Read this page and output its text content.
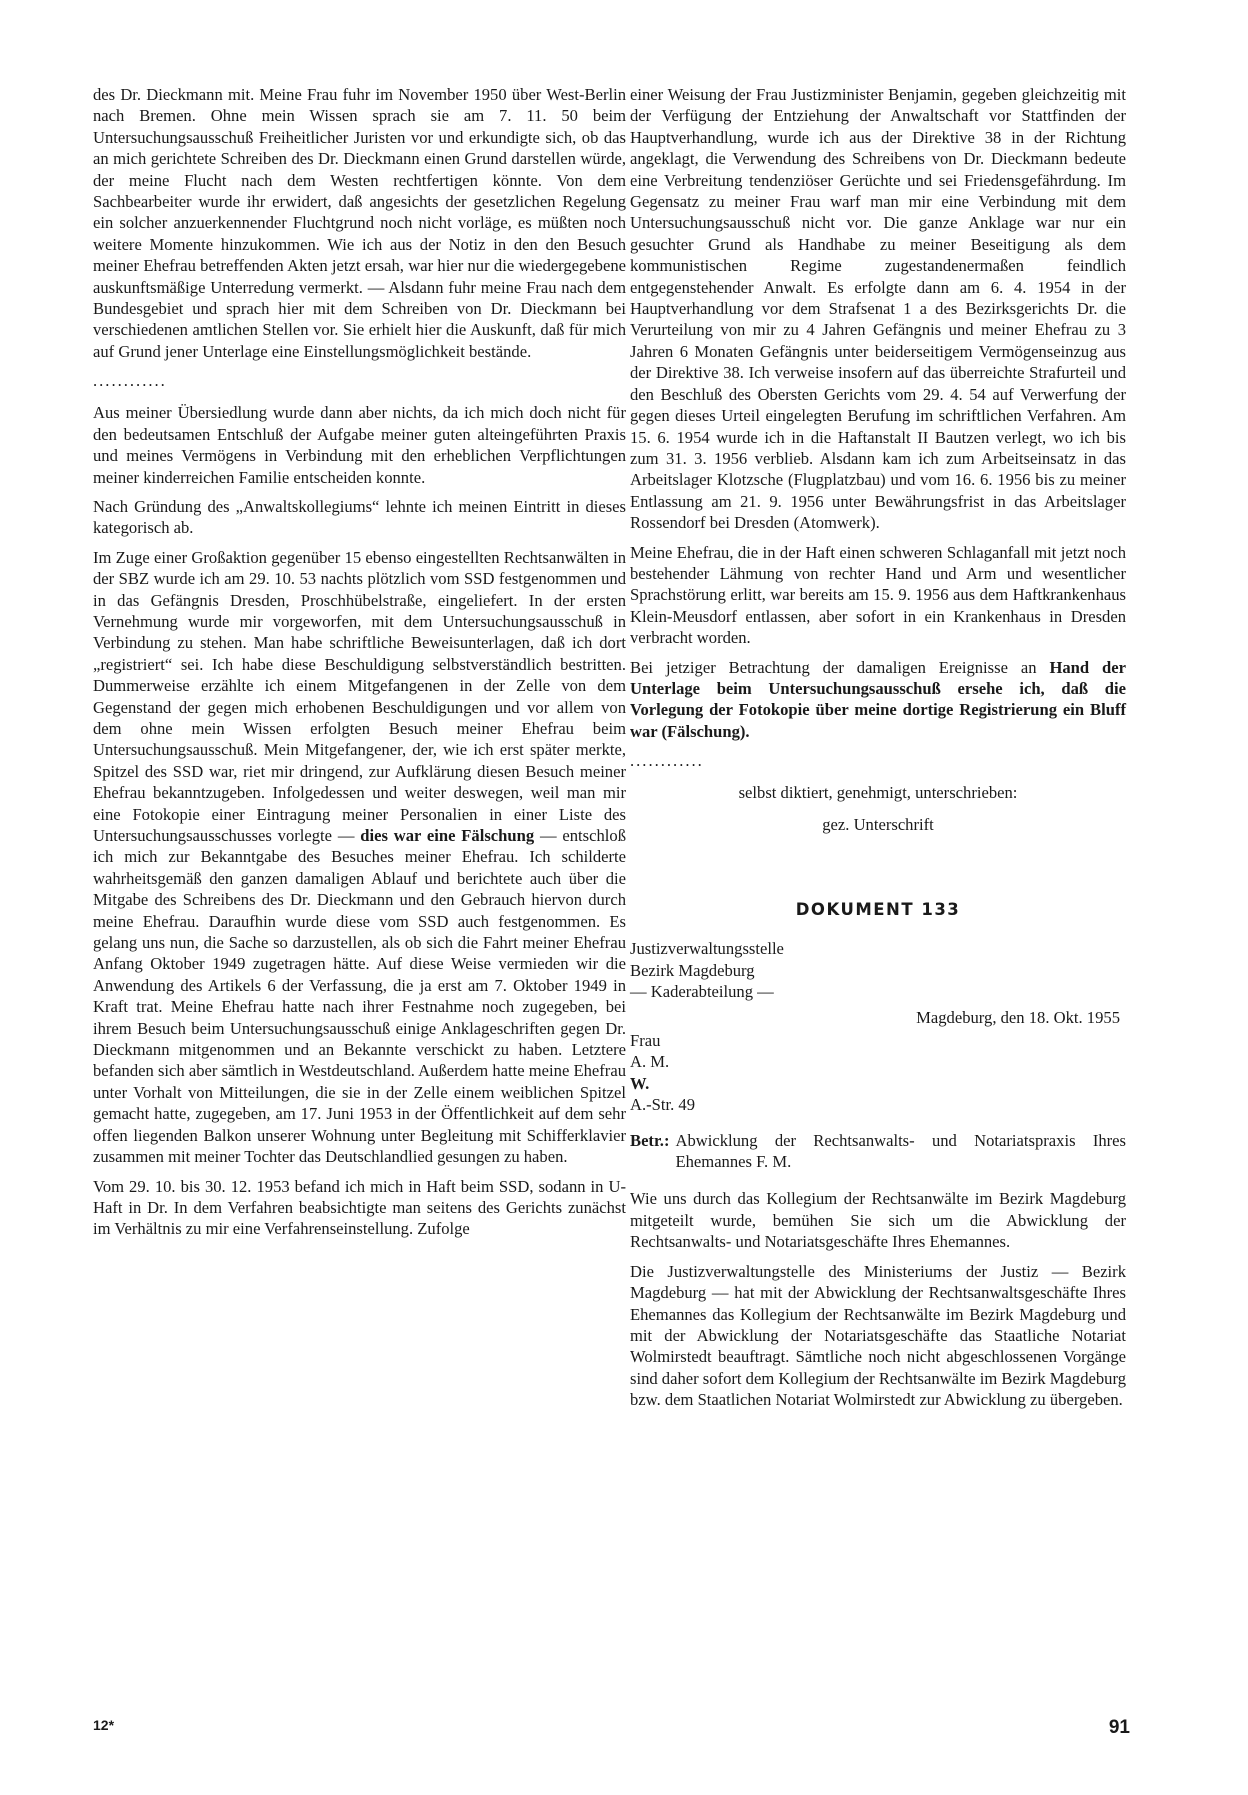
des Dr. Dieckmann mit. Meine Frau fuhr im November 1950 über West-Berlin nach Bremen. Ohne mein Wissen sprach sie am 7. 11. 50 beim Untersuchungsausschuß Freiheitlicher Juristen vor und erkundigte sich, ob das an mich gerichtete Schreiben des Dr. Dieckmann einen Grund darstellen würde, der meine Flucht nach dem Westen rechtfertigen könnte. Von dem Sachbearbeiter wurde ihr erwidert, daß angesichts der gesetzlichen Regelung ein solcher anzuerkennender Fluchtgrund noch nicht vorläge, es müßten noch weitere Momente hinzukommen. Wie ich aus der Notiz in den den Besuch meiner Ehefrau betreffenden Akten jetzt ersah, war hier nur die wiedergegebene auskunftsmäßige Unterredung vermerkt. — Alsdann fuhr meine Frau nach dem Bundesgebiet und sprach hier mit dem Schreiben von Dr. Dieckmann bei verschiedenen amtlichen Stellen vor. Sie erhielt hier die Auskunft, daß für mich auf Grund jener Unterlage eine Einstellungsmöglichkeit bestände.

............

Aus meiner Übersiedlung wurde dann aber nichts, da ich mich doch nicht für den bedeutsamen Entschluß der Aufgabe meiner guten alteingeführten Praxis und meines Vermögens in Verbindung mit den erheblichen Verpflichtungen meiner kinderreichen Familie entscheiden konnte.

Nach Gründung des „Anwaltskollegiums“ lehnte ich meinen Eintritt in dieses kategorisch ab.

Im Zuge einer Großaktion gegenüber 15 ebenso eingestellten Rechtsanwälten in der SBZ wurde ich am 29. 10. 53 nachts plötzlich vom SSD festgenommen und in das Gefängnis Dresden, Proschhübelstraße, eingeliefert. In der ersten Vernehmung wurde mir vorgeworfen, mit dem Untersuchungsausschuß in Verbindung zu stehen. Man habe schriftliche Beweisunterlagen, daß ich dort „registriert“ sei. Ich habe diese Beschuldigung selbstverständlich bestritten. Dummerweise erzählte ich einem Mitgefangenen in der Zelle von dem Gegenstand der gegen mich erhobenen Beschuldigungen und vor allem von dem ohne mein Wissen erfolgten Besuch meiner Ehefrau beim Untersuchungsausschuß. Mein Mitgefangener, der, wie ich erst später merkte, Spitzel des SSD war, riet mir dringend, zur Aufklärung diesen Besuch meiner Ehefrau bekanntzugeben. Infolgedessen und weiter deswegen, weil man mir eine Fotokopie einer Eintragung meiner Personalien in einer Liste des Untersuchungsausschusses vorlegte — dies war eine Fälschung — entschloß ich mich zur Bekanntgabe des Besuches meiner Ehefrau. Ich schilderte wahrheitsgemäß den ganzen damaligen Ablauf und berichtete auch über die Mitgabe des Schreibens des Dr. Dieckmann und den Gebrauch hiervon durch meine Ehefrau. Daraufhin wurde diese vom SSD auch festgenommen. Es gelang uns nun, die Sache so darzustellen, als ob sich die Fahrt meiner Ehefrau Anfang Oktober 1949 zugetragen hätte. Auf diese Weise vermieden wir die Anwendung des Artikels 6 der Verfassung, die ja erst am 7. Oktober 1949 in Kraft trat. Meine Ehefrau hatte nach ihrer Festnahme noch zugegeben, bei ihrem Besuch beim Untersuchungsausschuß einige Anklageschriften gegen Dr. Dieckmann mitgenommen und an Bekannte verschickt zu haben. Letztere befanden sich aber sämtlich in Westdeutschland. Außerdem hatte meine Ehefrau unter Vorhalt von Mitteilungen, die sie in der Zelle einem weiblichen Spitzel gemacht hatte, zugegeben, am 17. Juni 1953 in der Öffentlichkeit auf dem sehr offen liegenden Balkon unserer Wohnung unter Begleitung mit Schifferklavier zusammen mit meiner Tochter das Deutschlandlied gesungen zu haben.

Vom 29. 10. bis 30. 12. 1953 befand ich mich in Haft beim SSD, sodann in U-Haft in Dr. In dem Verfahren beabsichtigte man seitens des Gerichts zunächst im Verhältnis zu mir eine Verfahrenseinstellung. Zufolge

einer Weisung der Frau Justizminister Benjamin, gegeben gleichzeitig mit der Verfügung der Entziehung der Anwaltschaft vor Stattfinden der Hauptverhandlung, wurde ich aus der Direktive 38 in der Richtung angeklagt, die Verwendung des Schreibens von Dr. Dieckmann bedeute eine Verbreitung tendenziöser Gerüchte und sei Friedensgefährdung. Im Gegensatz zu meiner Frau warf man mir eine Verbindung mit dem Untersuchungsausschuß nicht vor. Die ganze Anklage war nur ein gesuchter Grund als Handhabe zu meiner Beseitigung als dem kommunistischen Regime zugestandenermaßen feindlich entgegenstehender Anwalt. Es erfolgte dann am 6. 4. 1954 in der Hauptverhandlung vor dem Strafsenat 1 a des Bezirksgerichts Dr. die Verurteilung von mir zu 4 Jahren Gefängnis und meiner Ehefrau zu 3 Jahren 6 Monaten Gefängnis unter beiderseitigem Vermögenseinzug aus der Direktive 38. Ich verweise insofern auf das überreichte Strafurteil und den Beschluß des Obersten Gerichts vom 29. 4. 54 auf Verwerfung der gegen dieses Urteil eingelegten Berufung im schriftlichen Verfahren. Am 15. 6. 1954 wurde ich in die Haftanstalt II Bautzen verlegt, wo ich bis zum 31. 3. 1956 verblieb. Alsdann kam ich zum Arbeitseinsatz in das Arbeitslager Klotzsche (Flugplatzbau) und vom 16. 6. 1956 bis zu meiner Entlassung am 21. 9. 1956 unter Bewährungsfrist in das Arbeitslager Rossendorf bei Dresden (Atomwerk).

Meine Ehefrau, die in der Haft einen schweren Schlaganfall mit jetzt noch bestehender Lähmung von rechter Hand und Arm und wesentlicher Sprachstörung erlitt, war bereits am 15. 9. 1956 aus dem Haftkrankenhaus Klein-Meusdorf entlassen, aber sofort in ein Krankenhaus in Dresden verbracht worden.

Bei jetziger Betrachtung der damaligen Ereignisse an Hand der Unterlage beim Untersuchungsausschuß ersehe ich, daß die Vorlegung der Fotokopie über meine dortige Registrierung ein Bluff war (Fälschung).

............
selbst diktiert, genehmigt, unterschrieben:
gez. Unterschrift
DOKUMENT 133
Justizverwaltungsstelle
Bezirk Magdeburg
— Kaderabteilung —
Magdeburg, den 18. Okt. 1955
Frau
A. M.
W.
A.-Str. 49
Betr.: Abwicklung der Rechtsanwalts- und Notariatspraxis Ihres Ehemannes F. M.

Wie uns durch das Kollegium der Rechtsanwälte im Bezirk Magdeburg mitgeteilt wurde, bemühen Sie sich um die Abwicklung der Rechtsanwalts- und Notariatsgeschäfte Ihres Ehemannes.

Die Justizverwaltungstelle des Ministeriums der Justiz — Bezirk Magdeburg — hat mit der Abwicklung der Rechtsanwaltsgeschäfte Ihres Ehemannes das Kollegium der Rechtsanwälte im Bezirk Magdeburg und mit der Abwicklung der Notariatsgeschäfte das Staatliche Notariat Wolmirstedt beauftragt. Sämtliche noch nicht abgeschlossenen Vorgänge sind daher sofort dem Kollegium der Rechtsanwälte im Bezirk Magdeburg bzw. dem Staatlichen Notariat Wolmirstedt zur Abwicklung zu übergeben.

12*	91
